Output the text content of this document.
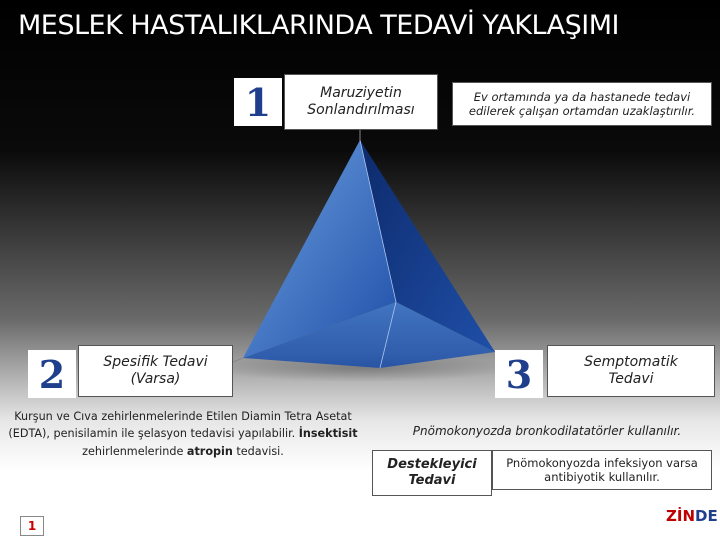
MESLEK HASTALIKLARINDA TEDAVİ YAKLAŞIMI
1	Maruziyetin
Sonlandırılması
Ev ortamında ya da hastanede tedavi edilerek çalışan ortamdan uzaklaştırılır.
2	Spesifik Tedavi
(Varsa)
Kurşun ve Cıva zehirlenmelerinde Etilen Diamin Tetra Asetat (EDTA), penisilamin ile şelasyon tedavisi yapılabilir. İnsektisit zehirlenmelerinde atropin tedavisi.
3	Semptomatik
Tedavi
Pnömokonyozda bronkodilatatörler kullanılır.
Destekleyici
Tedavi
Pnömokonyozda infeksiyon varsa antibiyotik kullanılır.
1
ZİNDE
